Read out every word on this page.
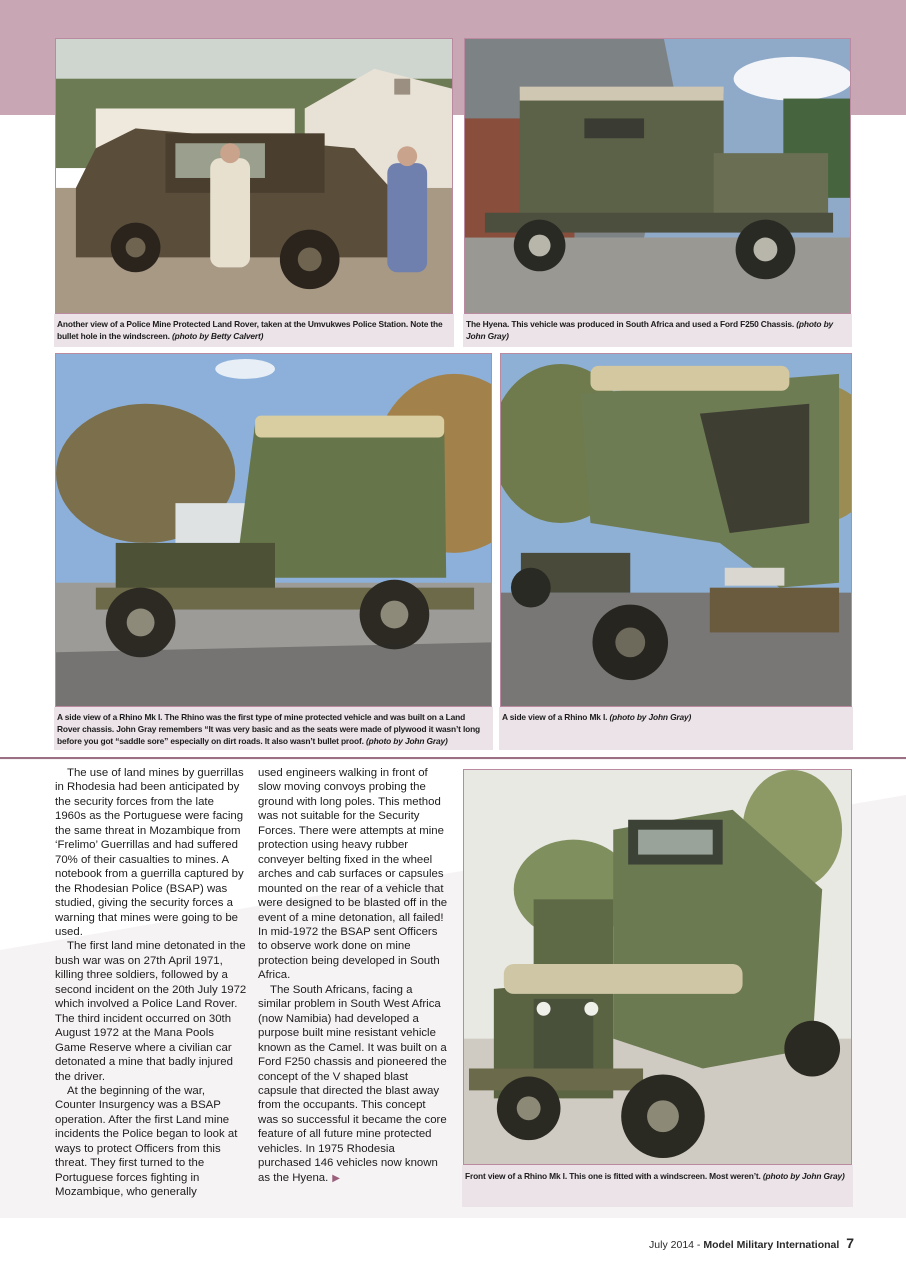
Another view of a Police Mine Protected Land Rover, taken at the Umvukwes Police Station. Note the bullet hole in the windscreen. (photo by Betty Calvert)
The Hyena. This vehicle was produced in South Africa and used a Ford F250 Chassis. (photo by John Gray)
A side view of a Rhino Mk I. The Rhino was the first type of mine protected vehicle and was built on a Land Rover chassis. John Gray remembers “It was very basic and as the seats were made of plywood it wasn’t long before you got “saddle sore” especially on dirt roads. It also wasn’t bullet proof. (photo by John Gray)
A side view of a Rhino Mk I. (photo by John Gray)

The use of land mines by guerrillas in Rhodesia had been anticipated by the security forces from the late 1960s as the Portuguese were facing the same threat in Mozambique from ‘Frelimo’ Guerrillas and had suffered 70% of their casualties to mines. A notebook from a guerrilla captured by the Rhodesian Police (BSAP) was studied, giving the security forces a warning that mines were going to be used.

The first land mine detonated in the bush war was on 27th April 1971, killing three soldiers, followed by a second incident on the 20th July 1972 which involved a Police Land Rover. The third incident occurred on 30th August 1972 at the Mana Pools Game Reserve where a civilian car detonated a mine that badly injured the driver.

At the beginning of the war, Counter Insurgency was a BSAP operation. After the first Land mine incidents the Police began to look at ways to protect Officers from this threat. They first turned to the Portuguese forces fighting in Mozambique, who generally

used engineers walking in front of slow moving convoys probing the ground with long poles. This method was not suitable for the Security Forces. There were attempts at mine protection using heavy rubber conveyer belting fixed in the wheel arches and cab surfaces or capsules mounted on the rear of a vehicle that were designed to be blasted off in the event of a mine detonation, all failed! In mid-1972 the BSAP sent Officers to observe work done on mine protection being developed in South Africa.

The South Africans, facing a similar problem in South West Africa (now Namibia) had developed a purpose built mine resistant vehicle known as the Camel. It was built on a Ford F250 chassis and pioneered the concept of the V shaped blast capsule that directed the blast away from the occupants. This concept was so successful it became the core feature of all future mine protected vehicles. In 1975 Rhodesia purchased 146 vehicles now known as the Hyena. ▶	Front view of a Rhino Mk I. This one is fitted with a windscreen. Most weren’t. (photo by John Gray)
July 2014 - Model Military International 7
